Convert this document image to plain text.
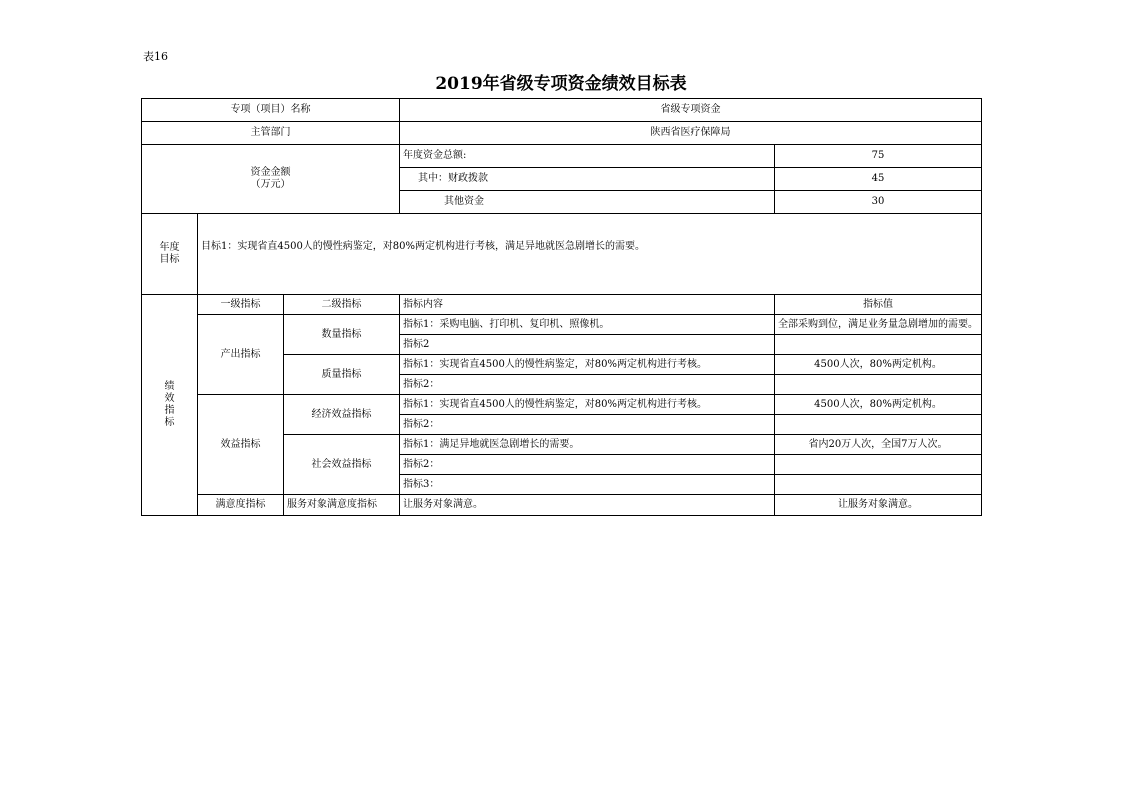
表16
2019年省级专项资金绩效目标表
专项（项目）名称			省级专项资金	
主管部门			陕西省医疗保障局	

资金金额
（万元）			年度资金总额:	75
			其中：财政拨款	45
			其他资金	30

年度
目标	目标1：实现省直4500人的慢性病鉴定，对80%两定机构进行考核，满足异地就医急剧增长的需要。			

绩
效
指
标	一级指标	二级指标	指标内容	指标值
	产出指标	数量指标	指标1：采购电脑、打印机、复印机、照像机。	全部采购到位，满足业务量急剧增加的需要。
			指标2	
		质量指标	指标1：实现省直4500人的慢性病鉴定，对80%两定机构进行考核。	4500人次，80%两定机构。
			指标2：	
	效益指标	经济效益指标	指标1：实现省直4500人的慢性病鉴定，对80%两定机构进行考核。	4500人次，80%两定机构。
			指标2：	
		社会效益指标	指标1：满足异地就医急剧增长的需要。	省内20万人次，全国7万人次。
			指标2：	
			指标3：	
	满意度指标	服务对象满意度指标	让服务对象满意。	让服务对象满意。
